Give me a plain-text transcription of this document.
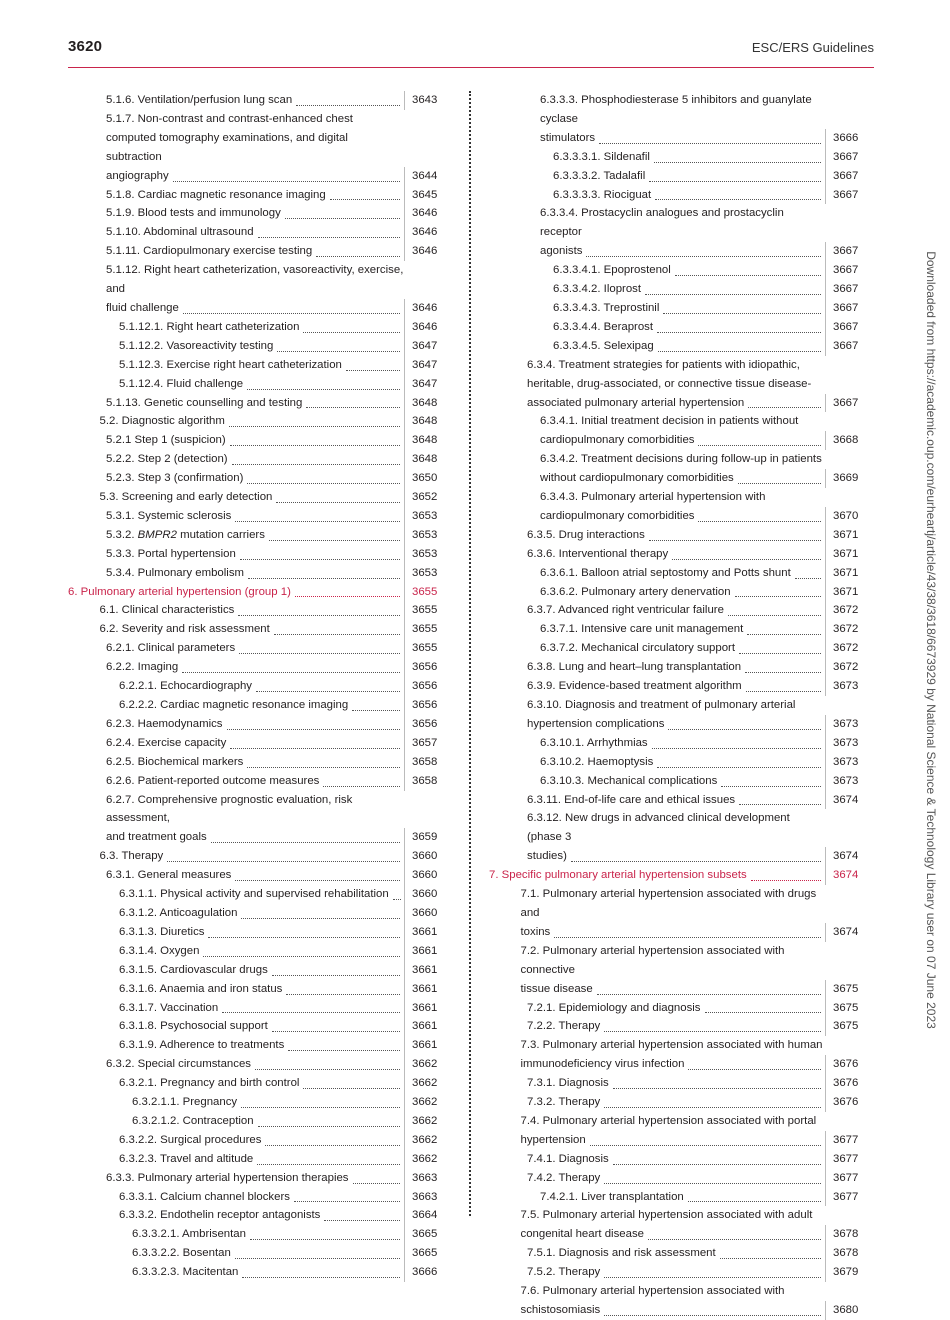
3620	ESC/ERS Guidelines
5.1.6. Ventilation/perfusion lung scan	3643
5.1.7. Non-contrast and contrast-enhanced chest computed tomography examinations, and digital subtraction
angiography	3644
5.1.8. Cardiac magnetic resonance imaging	3645
5.1.9. Blood tests and immunology	3646
5.1.10. Abdominal ultrasound	3646
5.1.11. Cardiopulmonary exercise testing	3646
5.1.12. Right heart catheterization, vasoreactivity, exercise, and
fluid challenge	3646
5.1.12.1. Right heart catheterization	3646
5.1.12.2. Vasoreactivity testing	3647
5.1.12.3. Exercise right heart catheterization	3647
5.1.12.4. Fluid challenge	3647
5.1.13. Genetic counselling and testing	3648
5.2. Diagnostic algorithm	3648
5.2.1 Step 1 (suspicion)	3648
5.2.2. Step 2 (detection)	3648
5.2.3. Step 3 (confirmation)	3650
5.3. Screening and early detection	3652
5.3.1. Systemic sclerosis	3653
5.3.2. BMPR2 mutation carriers	3653
5.3.3. Portal hypertension	3653
5.3.4. Pulmonary embolism	3653
6. Pulmonary arterial hypertension (group 1)	3655
6.1. Clinical characteristics	3655
6.2. Severity and risk assessment	3655
6.2.1. Clinical parameters	3655
6.2.2. Imaging	3656
6.2.2.1. Echocardiography	3656
6.2.2.2. Cardiac magnetic resonance imaging	3656
6.2.3. Haemodynamics	3656
6.2.4. Exercise capacity	3657
6.2.5. Biochemical markers	3658
6.2.6. Patient-reported outcome measures	3658
6.2.7. Comprehensive prognostic evaluation, risk assessment,
and treatment goals	3659
6.3. Therapy	3660
6.3.1. General measures	3660
6.3.1.1. Physical activity and supervised rehabilitation	3660
6.3.1.2. Anticoagulation	3660
6.3.1.3. Diuretics	3661
6.3.1.4. Oxygen	3661
6.3.1.5. Cardiovascular drugs	3661
6.3.1.6. Anaemia and iron status	3661
6.3.1.7. Vaccination	3661
6.3.1.8. Psychosocial support	3661
6.3.1.9. Adherence to treatments	3661
6.3.2. Special circumstances	3662
6.3.2.1. Pregnancy and birth control	3662
6.3.2.1.1. Pregnancy	3662
6.3.2.1.2. Contraception	3662
6.3.2.2. Surgical procedures	3662
6.3.2.3. Travel and altitude	3662
6.3.3. Pulmonary arterial hypertension therapies	3663
6.3.3.1. Calcium channel blockers	3663
6.3.3.2. Endothelin receptor antagonists	3664
6.3.3.2.1. Ambrisentan	3665
6.3.3.2.2. Bosentan	3665
6.3.3.2.3. Macitentan	3666
6.3.3.3. Phosphodiesterase 5 inhibitors and guanylate cyclase
stimulators	3666
6.3.3.3.1. Sildenafil	3667
6.3.3.3.2. Tadalafil	3667
6.3.3.3.3. Riociguat	3667
6.3.3.4. Prostacyclin analogues and prostacyclin receptor
agonists	3667
6.3.3.4.1. Epoprostenol	3667
6.3.3.4.2. Iloprost	3667
6.3.3.4.3. Treprostinil	3667
6.3.3.4.4. Beraprost	3667
6.3.3.4.5. Selexipag	3667
6.3.4. Treatment strategies for patients with idiopathic, heritable, drug-associated, or connective tissue disease-
associated pulmonary arterial hypertension	3667
6.3.4.1. Initial treatment decision in patients without
cardiopulmonary comorbidities	3668
6.3.4.2. Treatment decisions during follow-up in patients
without cardiopulmonary comorbidities	3669
6.3.4.3. Pulmonary arterial hypertension with
cardiopulmonary comorbidities	3670
6.3.5. Drug interactions	3671
6.3.6. Interventional therapy	3671
6.3.6.1. Balloon atrial septostomy and Potts shunt	3671
6.3.6.2. Pulmonary artery denervation	3671
6.3.7. Advanced right ventricular failure	3672
6.3.7.1. Intensive care unit management	3672
6.3.7.2. Mechanical circulatory support	3672
6.3.8. Lung and heart–lung transplantation	3672
6.3.9. Evidence-based treatment algorithm	3673
6.3.10. Diagnosis and treatment of pulmonary arterial
hypertension complications	3673
6.3.10.1. Arrhythmias	3673
6.3.10.2. Haemoptysis	3673
6.3.10.3. Mechanical complications	3673
6.3.11. End-of-life care and ethical issues	3674
6.3.12. New drugs in advanced clinical development (phase 3
studies)	3674
7. Specific pulmonary arterial hypertension subsets	3674
7.1. Pulmonary arterial hypertension associated with drugs and
toxins	3674
7.2. Pulmonary arterial hypertension associated with connective
tissue disease	3675
7.2.1. Epidemiology and diagnosis	3675
7.2.2. Therapy	3675
7.3. Pulmonary arterial hypertension associated with human
immunodeficiency virus infection	3676
7.3.1. Diagnosis	3676
7.3.2. Therapy	3676
7.4. Pulmonary arterial hypertension associated with portal
hypertension	3677
7.4.1. Diagnosis	3677
7.4.2. Therapy	3677
7.4.2.1. Liver transplantation	3677
7.5. Pulmonary arterial hypertension associated with adult
congenital heart disease	3678
7.5.1. Diagnosis and risk assessment	3678
7.5.2. Therapy	3679
7.6. Pulmonary arterial hypertension associated with
schistosomiasis	3680
Downloaded from https://academic.oup.com/eurheartj/article/43/38/3618/6673929 by National Science & Technology Library user on 07 June 2023
